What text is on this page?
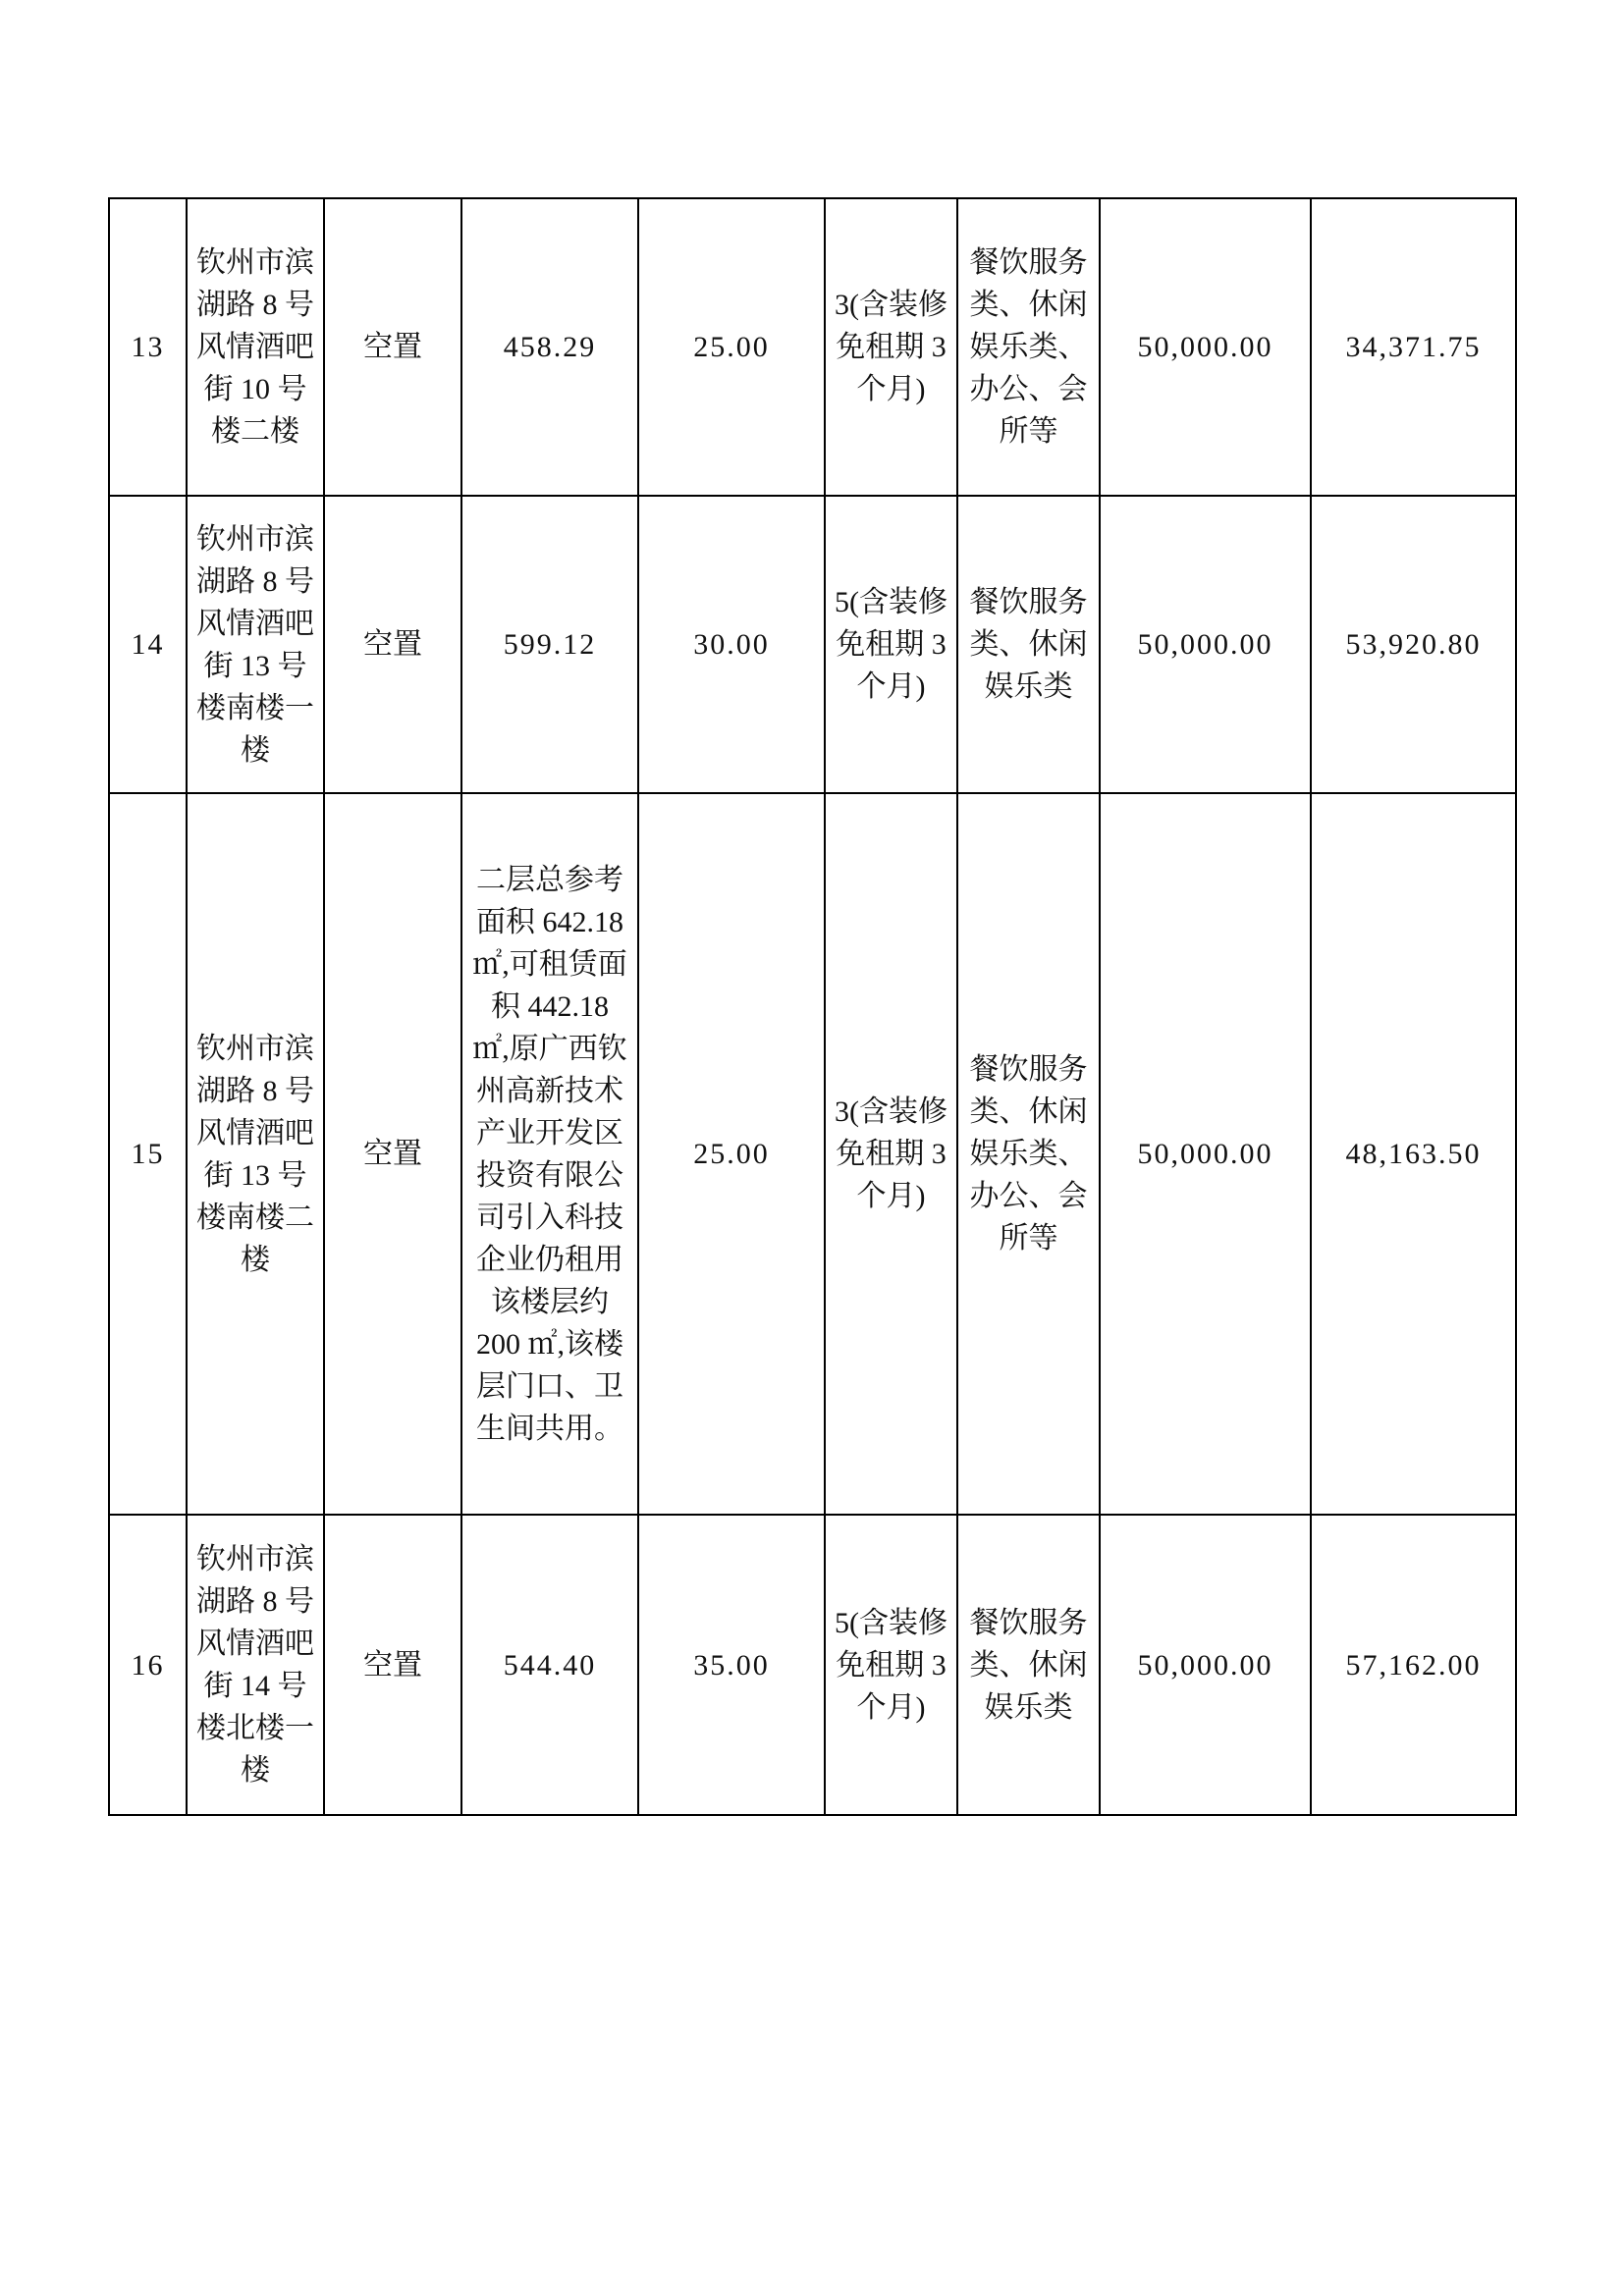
13	钦州市滨湖路 8 号风情酒吧街 10 号楼二楼	空置	458.29	25.00	3(含装修免租期 3 个月)	餐饮服务类、休闲娱乐类、办公、会所等	50,000.00	34,371.75
14	钦州市滨湖路 8 号风情酒吧街 13 号楼南楼一楼	空置	599.12	30.00	5(含装修免租期 3 个月)	餐饮服务类、休闲娱乐类	50,000.00	53,920.80
15	钦州市滨湖路 8 号风情酒吧街 13 号楼南楼二楼	空置	二层总参考面积 642.18 ㎡,可租赁面积 442.18 ㎡,原广西钦州高新技术产业开发区投资有限公司引入科技企业仍租用该楼层约 200 ㎡,该楼层门口、卫生间共用。	25.00	3(含装修免租期 3 个月)	餐饮服务类、休闲娱乐类、办公、会所等	50,000.00	48,163.50
16	钦州市滨湖路 8 号风情酒吧街 14 号楼北楼一楼	空置	544.40	35.00	5(含装修免租期 3 个月)	餐饮服务类、休闲娱乐类	50,000.00	57,162.00
